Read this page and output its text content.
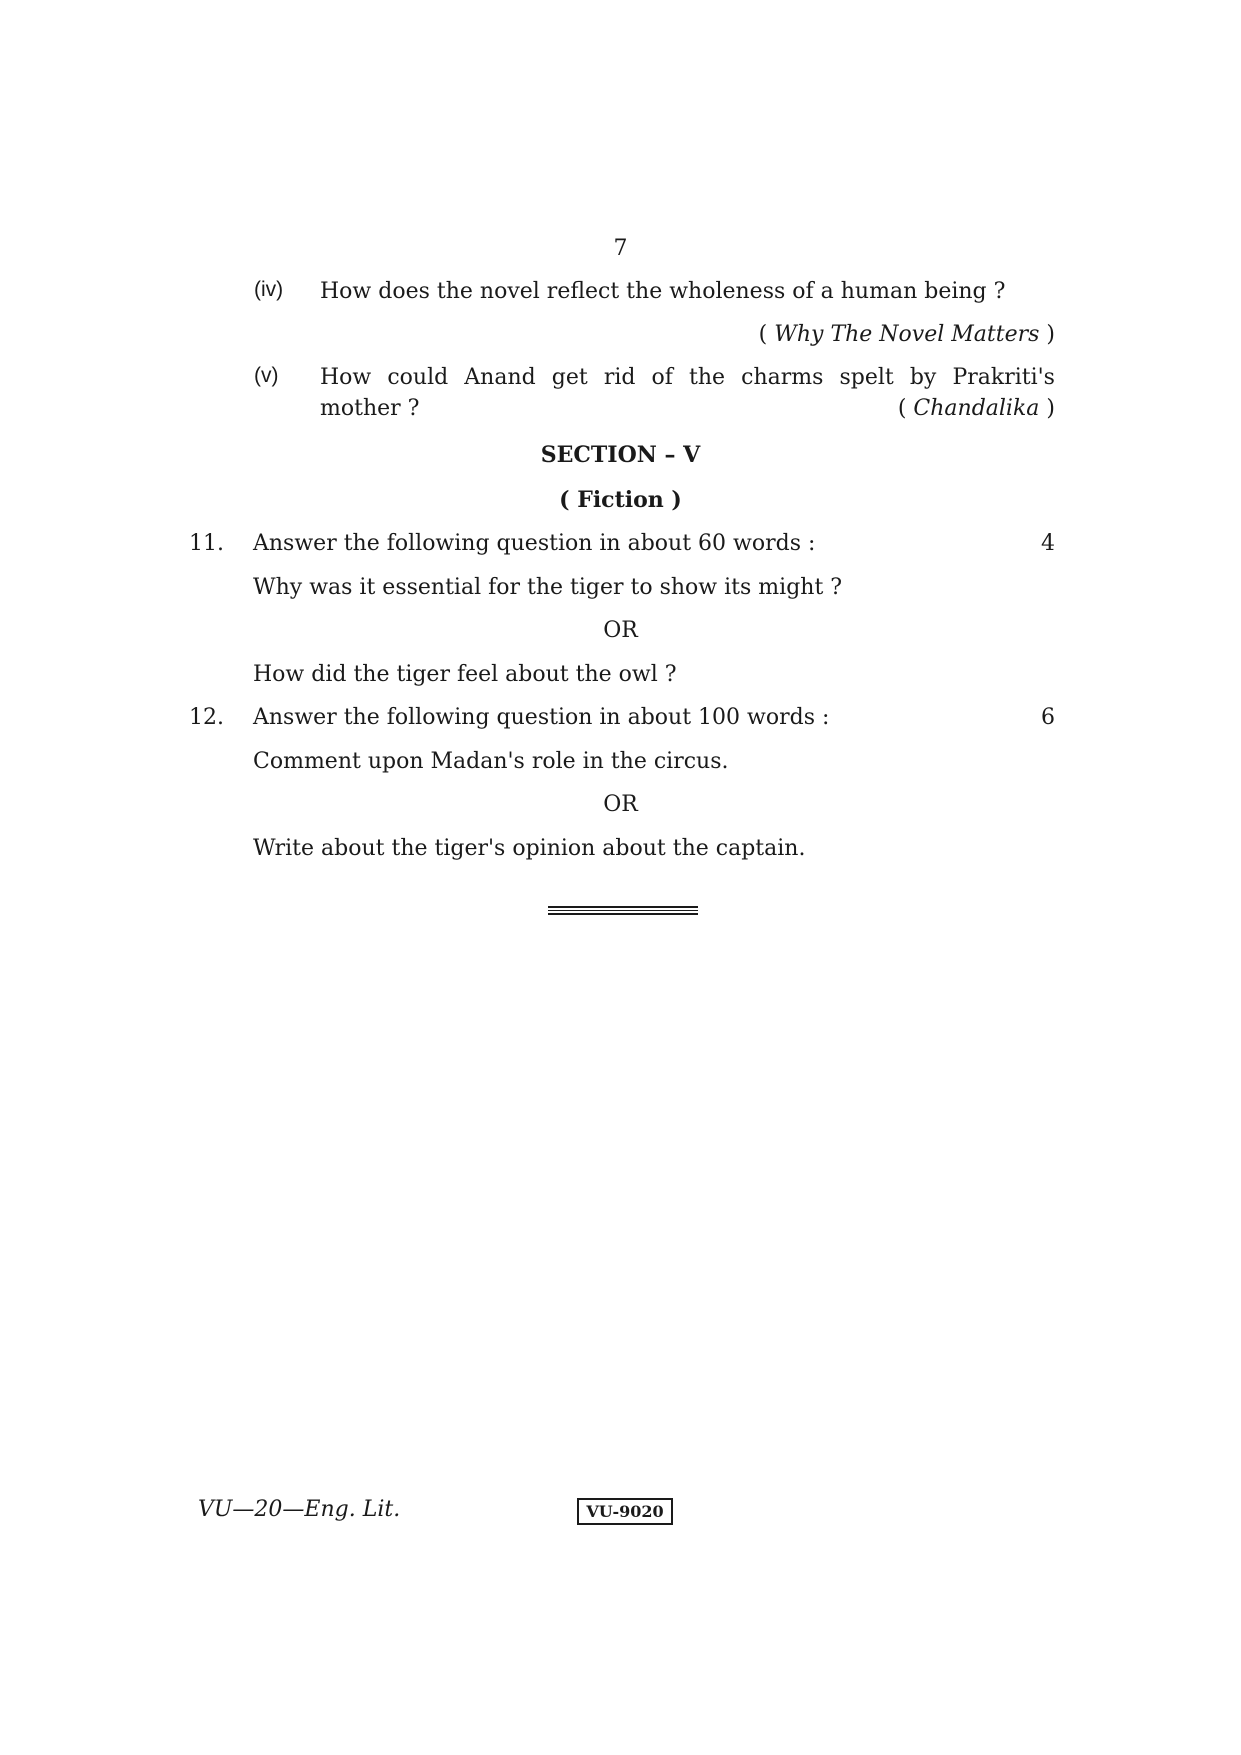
7
(iv) How does the novel reflect the wholeness of a human being ?
( Why The Novel Matters )
(v) How could Anand get rid of the charms spelt by Prakriti's
mother ?	( Chandalika )
SECTION – V
( Fiction )
11. Answer the following question in about 60 words :	4
Why was it essential for the tiger to show its might ?
OR
How did the tiger feel about the owl ?
12. Answer the following question in about 100 words :	6
Comment upon Madan's role in the circus.
OR
Write about the tiger's opinion about the captain.
VU—20—Eng. Lit.	VU-9020
